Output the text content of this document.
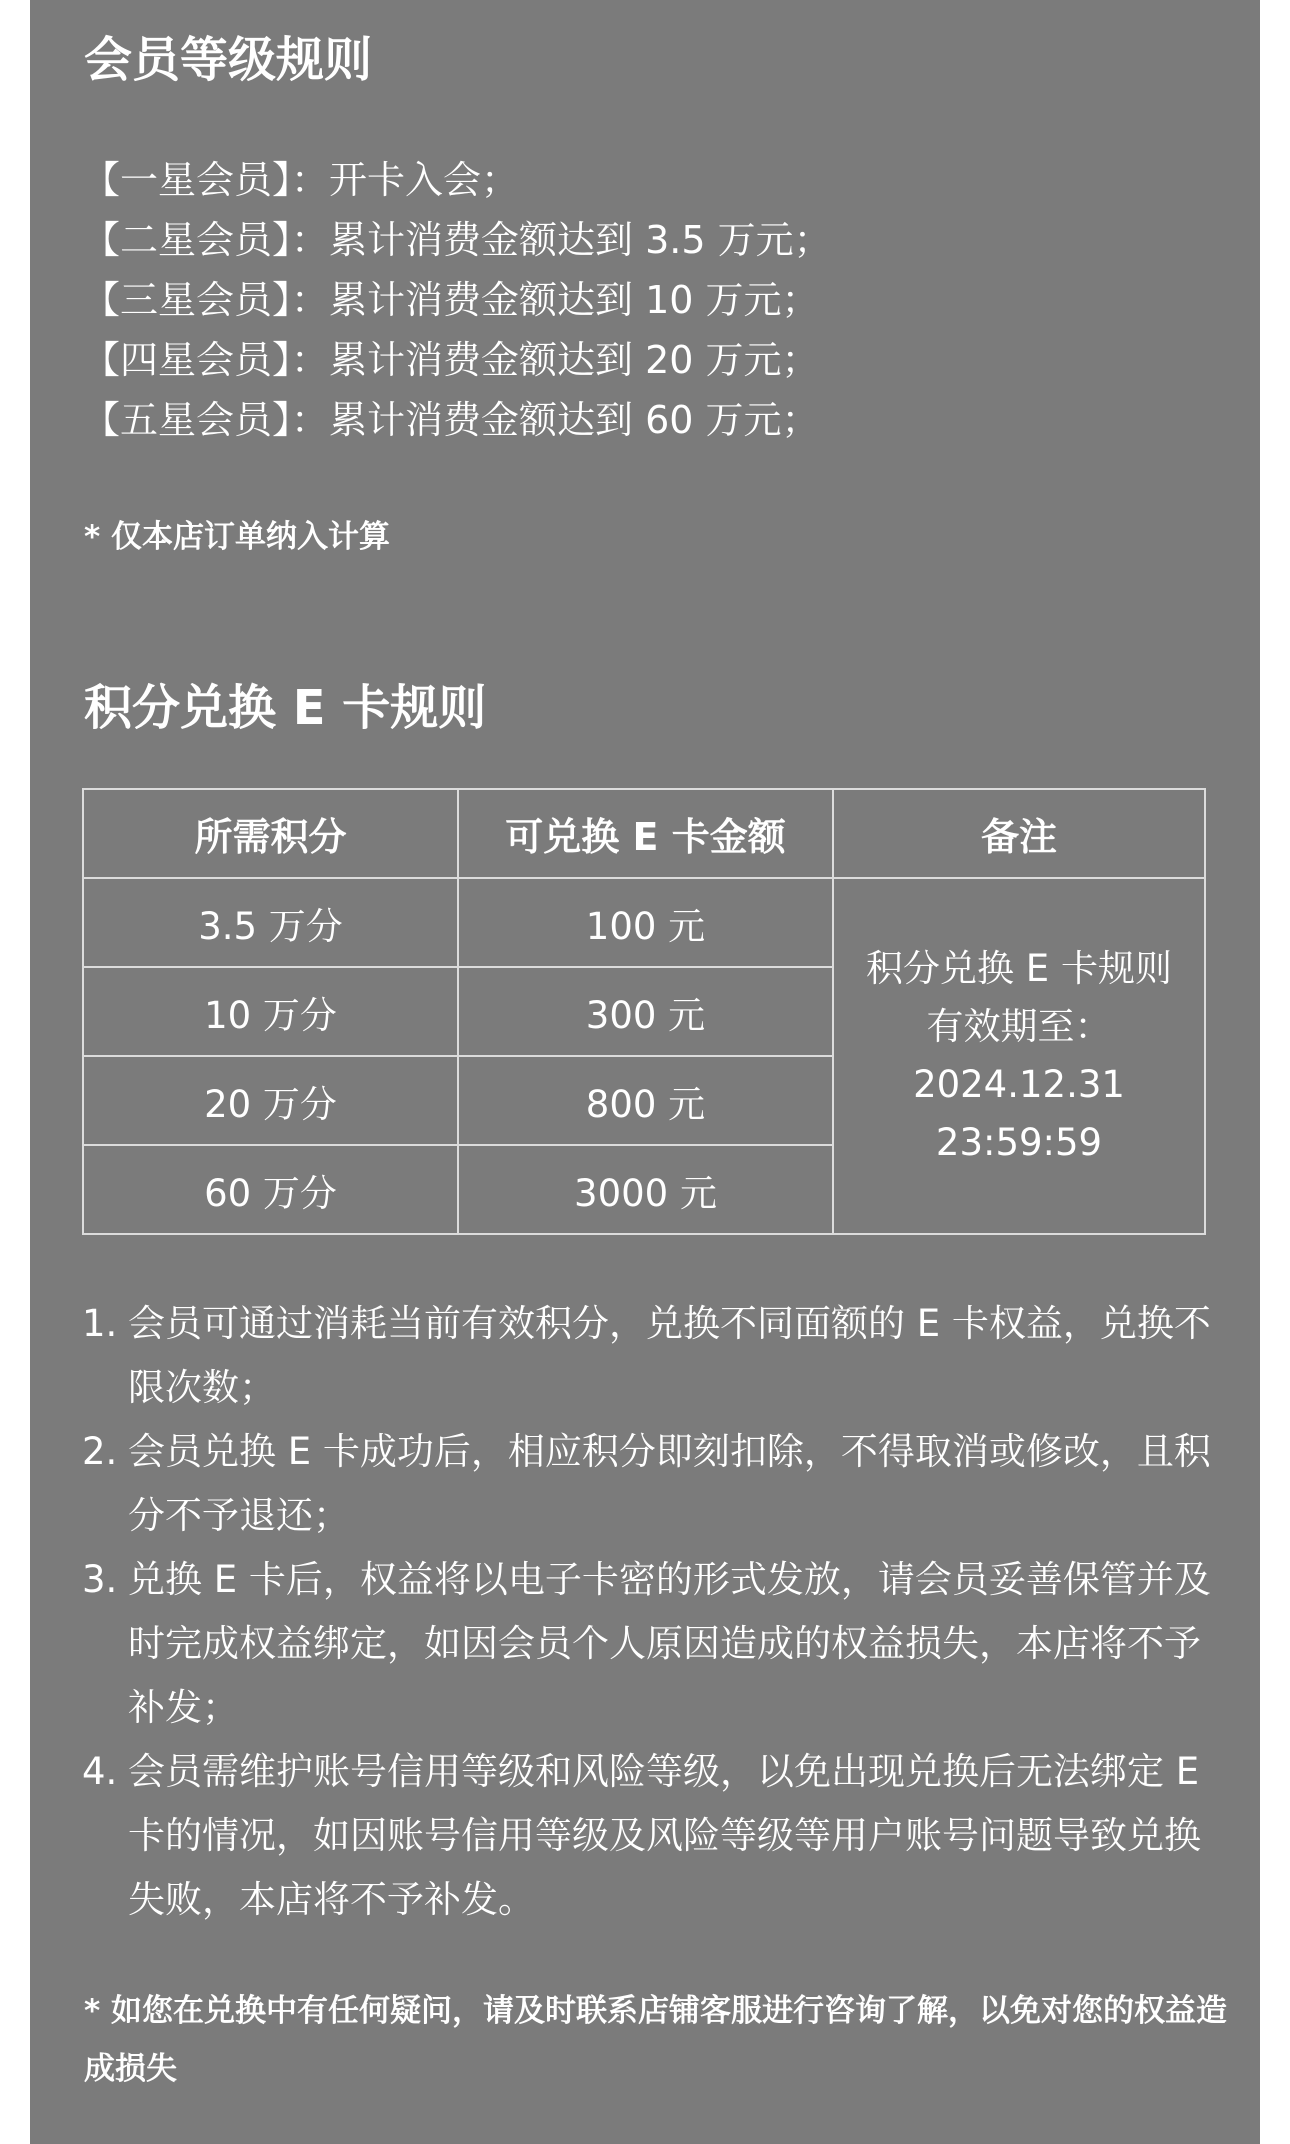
会员等级规则
【一星会员】：开卡入会；
【二星会员】：累计消费金额达到 3.5 万元；
【三星会员】：累计消费金额达到 10 万元；
【四星会员】：累计消费金额达到 20 万元；
【五星会员】：累计消费金额达到 60 万元；
* 仅本店订单纳入计算
积分兑换 E 卡规则
所需积分	可兑换 E 卡金额	备注
3.5 万分	100 元	积分兑换 E 卡规则
有效期至：
2024.12.31
23:59:59

10 万分	300 元	
20 万分	800 元	
60 万分	3000 元	
1. 会员可通过消耗当前有效积分，兑换不同面额的 E 卡权益，兑换不限次数；
2. 会员兑换 E 卡成功后，相应积分即刻扣除，不得取消或修改，且积分不予退还；
3. 兑换 E 卡后，权益将以电子卡密的形式发放，请会员妥善保管并及时完成权益绑定，如因会员个人原因造成的权益损失，本店将不予补发；
4. 会员需维护账号信用等级和风险等级，以免出现兑换后无法绑定 E 卡的情况，如因账号信用等级及风险等级等用户账号问题导致兑换失败，本店将不予补发。
* 如您在兑换中有任何疑问，请及时联系店铺客服进行咨询了解，以免对您的权益造成损失
